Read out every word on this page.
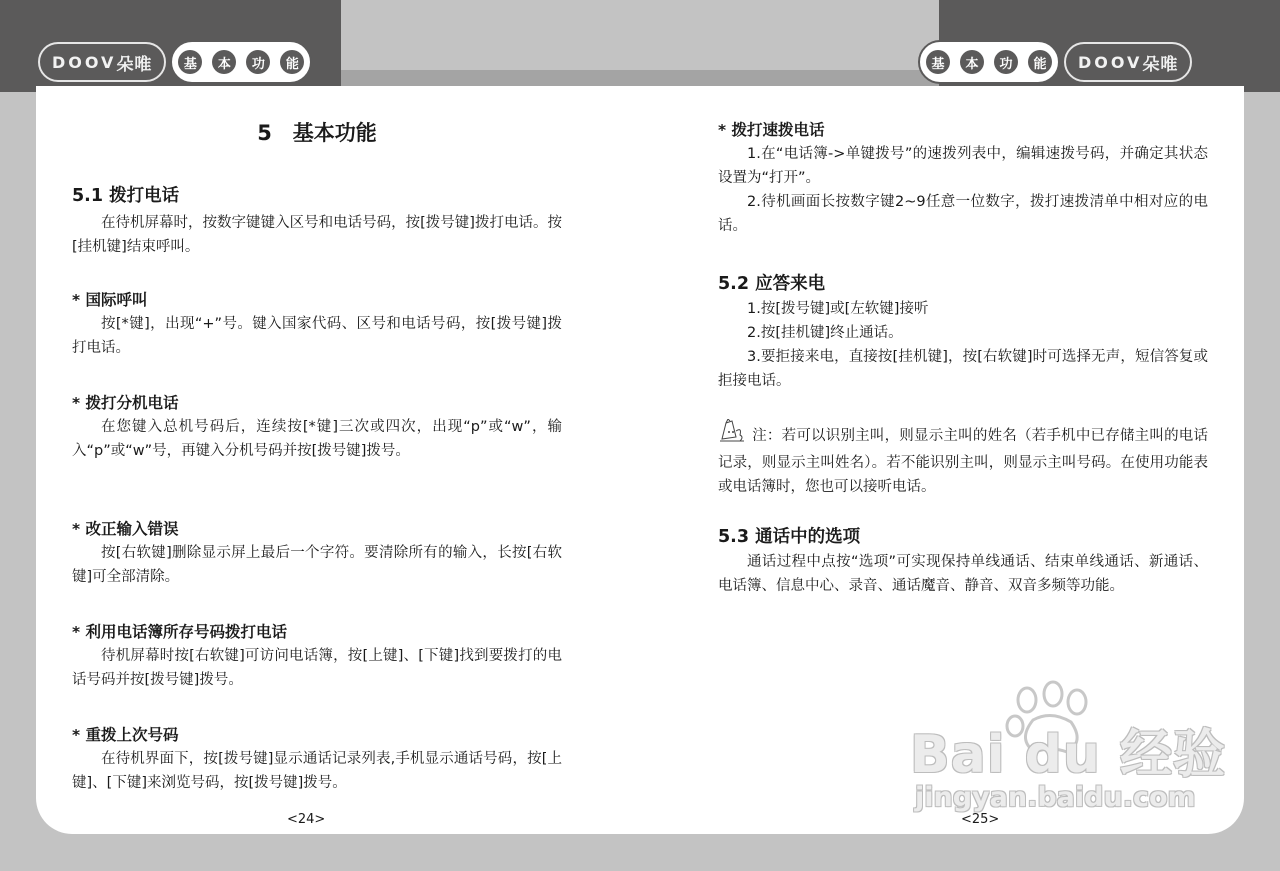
DOOV 朵唯	基	本	功	能	基	本	功	能	DOOV 朵唯
5　基本功能
5.1 拨打电话

在待机屏幕时，按数字键键入区号和电话号码，按[拨号键]拨打电话。按[挂机键]结束呼叫。

* 国际呼叫

按[*键]，出现“+”号。键入国家代码、区号和电话号码，按[拨号键]拨打电话。

* 拨打分机电话

在您键入总机号码后，连续按[*键]三次或四次，出现“p”或“w”，输入“p”或“w”号，再键入分机号码并按[拨号键]拨号。

* 改正输入错误

按[右软键]删除显示屏上最后一个字符。要清除所有的输入，长按[右软键]可全部清除。

* 利用电话簿所存号码拨打电话

待机屏幕时按[右软键]可访问电话簿，按[上键]、[下键]找到要拨打的电话号码并按[拨号键]拨号。

* 重拨上次号码

在待机界面下，按[拨号键]显示通话记录列表,手机显示通话号码，按[上键]、[下键]来浏览号码，按[拨号键]拨号。

<24>
* 拨打速拨电话

1.在“电话簿->单键拨号”的速拨列表中，编辑速拨号码，并确定其状态设置为“打开”。

2.待机画面长按数字键2~9任意一位数字，拨打速拨清单中相对应的电话。

5.2 应答来电

1.按[拨号键]或[左软键]接听

2.按[挂机键]终止通话。

3.要拒接来电，直接按[挂机键]，按[右软键]时可选择无声，短信答复或拒接电话。

注：若可以识别主叫，则显示主叫的姓名（若手机中已存储主叫的电话记录，则显示主叫姓名）。若不能识别主叫，则显示主叫号码。在使用功能表或电话簿时，您也可以接听电话。

5.3 通话中的选项

通话过程中点按“选项”可实现保持单线通话、结束单线通话、新通话、电话簿、信息中心、录音、通话魔音、静音、双音多频等功能。

<25>
Bai du 经验
jingyan.baidu.com
